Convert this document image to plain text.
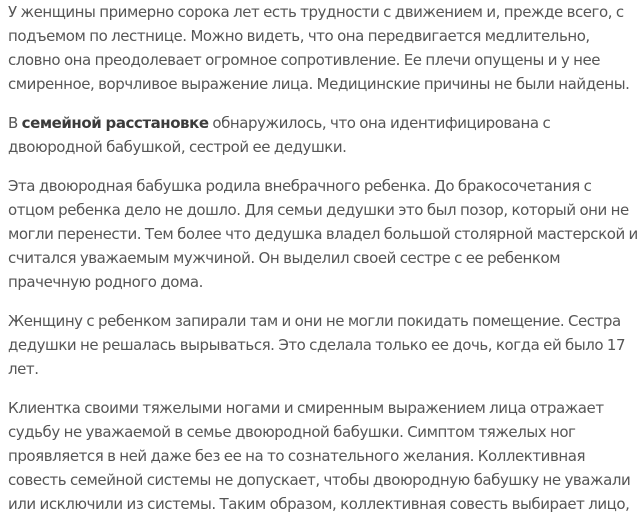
У женщины примерно сорока лет есть трудности с движением и, прежде всего, с
подъемом по лестнице. Можно видеть, что она передвигается медлительно,
словно она преодолевает огромное сопротивление. Ее плечи опущены и у нее
смиренное, ворчливое выражение лица. Медицинские причины не были найдены.

В семейной расстановке обнаружилось, что она идентифицирована с
двоюродной бабушкой, сестрой ее дедушки.

Эта двоюродная бабушка родила внебрачного ребенка. До бракосочетания с
отцом ребенка дело не дошло. Для семьи дедушки это был позор, который они не
могли перенести. Тем более что дедушка владел большой столярной мастерской и
считался уважаемым мужчиной. Он выделил своей сестре с ее ребенком
прачечную родного дома.

Женщину с ребенком запирали там и они не могли покидать помещение. Сестра
дедушки не решалась вырываться. Это сделала только ее дочь, когда ей было 17
лет.

Клиентка своими тяжелыми ногами и смиренным выражением лица отражает
судьбу не уважаемой в семье двоюродной бабушки. Симптом тяжелых ног
проявляется в ней даже без ее на то сознательного желания. Коллективная
совесть семейной системы не допускает, чтобы двоюродную бабушку не уважали
или исключили из системы. Таким образом, коллективная совесть выбирает лицо,
